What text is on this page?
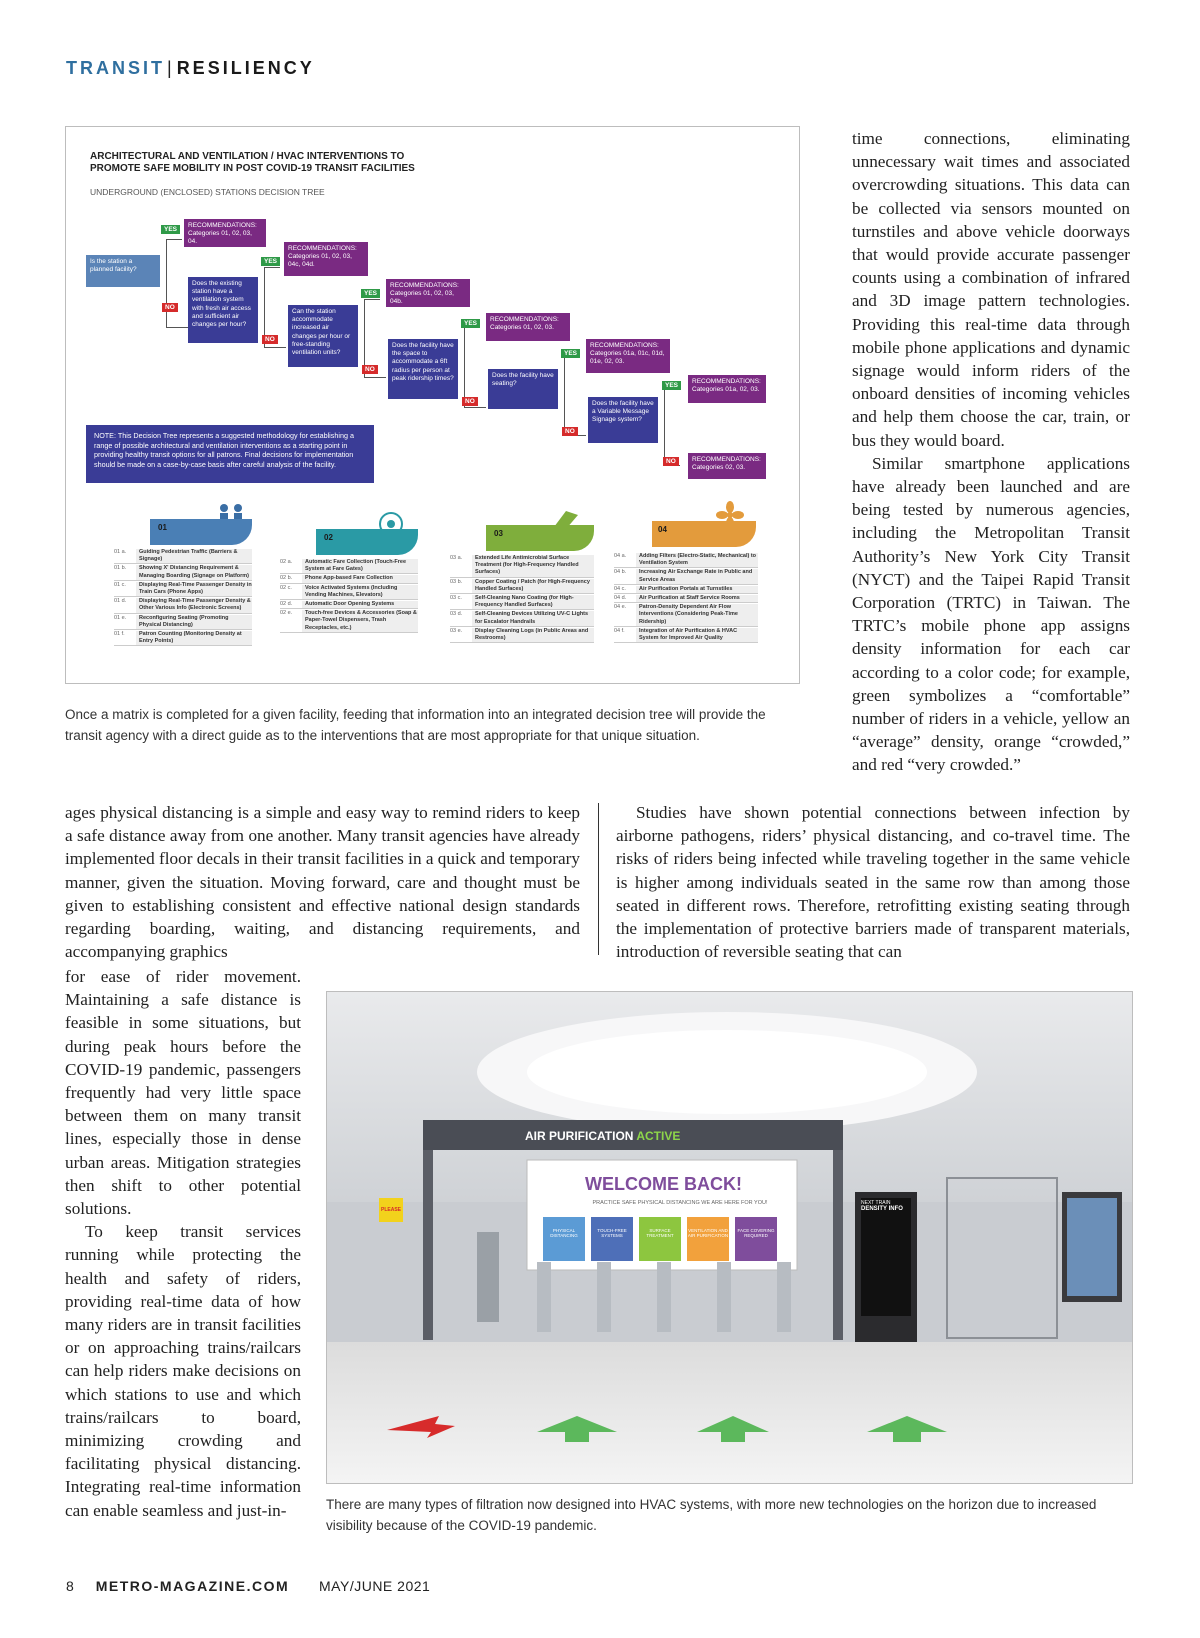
TRANSIT | RESILIENCY
ARCHITECTURAL AND VENTILATION / HVAC INTERVENTIONS TO
PROMOTE SAFE MOBILITY IN POST COVID-19 TRANSIT FACILITIES
UNDERGROUND (ENCLOSED) STATIONS DECISION TREE
Is the station a planned facility?
Does the existing station have a ventilation system with fresh air access and sufficient air changes per hour?
Can the station accommodate increased air changes per hour or free-standing ventilation units?
Does the facility have the space to accommodate a 6ft radius per person at peak ridership times?	Does the facility have seating?
Does the facility have a Variable Message Signage system?
RECOMMENDATIONS: Categories 01, 02, 03, 04.
RECOMMENDATIONS: Categories 01, 02, 03, 04c, 04d.
RECOMMENDATIONS: Categories 01, 02, 03, 04b.
RECOMMENDATIONS: Categories 01, 02, 03.
RECOMMENDATIONS: Categories 01a, 01c, 01d, 01e, 02, 03.
RECOMMENDATIONS: Categories 01a, 02, 03.
RECOMMENDATIONS: Categories 02, 03.
YES
NO
YES
NO
YES
NO
YES
NO
YES
NO
YES
NO
NOTE: This Decision Tree represents a suggested methodology for establishing a range of possible architectural and ventilation interventions as a starting point in providing healthy transit options for all patrons. Final decisions for implementation should be made on a case-by-case basis after careful analysis of the facility.
01
01 a.	Guiding Pedestrian Traffic (Barriers & Signage)
01 b.	Showing X' Distancing Requirement & Managing Boarding (Signage on Platform)
01 c.	Displaying Real-Time Passenger Density in Train Cars (Phone Apps)
01 d.	Displaying Real-Time Passenger Density & Other Various Info (Electronic Screens)
01 e.	Reconfiguring Seating (Promoting Physical Distancing)
01 f.	Patron Counting (Monitoring Density at Entry Points)
02
02 a.	Automatic Fare Collection (Touch-Free System at Fare Gates)
02 b.	Phone App-based Fare Collection
02 c.	Voice Activated Systems (Including Vending Machines, Elevators)
02 d.	Automatic Door Opening Systems
02 e.	Touch-free Devices & Accessories (Soap & Paper-Towel Dispensers, Trash Receptacles, etc.)
03
03 a.	Extended Life Antimicrobial Surface Treatment (for High-Frequency Handled Surfaces)
03 b.	Copper Coating / Patch (for High-Frequency Handled Surfaces)
03 c.	Self-Cleaning Nano Coating (for High-Frequency Handled Surfaces)
03 d.	Self-Cleaning Devices Utilizing UV-C Lights for Escalator Handrails
03 e.	Display Cleaning Logs (in Public Areas and Restrooms)
04
04 a.	Adding Filters (Electro-Static, Mechanical) to Ventilation System
04 b.	Increasing Air Exchange Rate in Public and Service Areas
04 c.	Air Purification Portals at Turnstiles
04 d.	Air Purification at Staff Service Rooms
04 e.	Patron-Density Dependent Air Flow Interventions (Considering Peak-Time Ridership)
04 f.	Integration of Air Purification & HVAC System for Improved Air Quality
Once a matrix is completed for a given facility, feeding that information into an integrated decision tree will provide the transit agency with a direct guide as to the interventions that are most appropriate for that unique situation.

time connections, eliminating unnecessary wait times and associated overcrowding situations. This data can be collected via sensors mounted on turnstiles and above vehicle doorways that would provide accurate passenger counts using a combination of infrared and 3D image pattern technologies. Providing this real-time data through mobile phone applications and dynamic signage would inform riders of the onboard densities of incoming vehicles and help them choose the car, train, or bus they would board.

Similar smartphone applications have already been launched and are being tested by numerous agencies, including the Metropolitan Transit Authority’s New York City Transit (NYCT) and the Taipei Rapid Transit Corporation (TRTC) in Taiwan. The TRTC’s mobile phone app assigns density information for each car according to a color code; for example, green symbolizes a “comfortable” number of riders in a vehicle, yellow an “average” density, orange “crowded,” and red “very crowded.”

ages physical distancing is a simple and easy way to remind riders to keep a safe distance away from one another. Many transit agencies have already implemented floor decals in their transit facilities in a quick and temporary manner, given the situation. Moving forward, care and thought must be given to establishing consistent and effective national design standards regarding boarding, waiting, and distancing requirements, and accompanying graphics

Studies have shown potential connections between infection by airborne pathogens, riders’ physical distancing, and co-travel time. The risks of riders being infected while traveling together in the same vehicle is higher among individuals seated in the same row than among those seated in different rows. Therefore, retrofitting existing seating through the implementation of protective barriers made of transparent materials, introduction of reversible seating that can

for ease of rider movement. Maintaining a safe distance is feasible in some situations, but during peak hours before the COVID-19 pandemic, passengers frequently had very little space between them on many transit lines, especially those in dense urban areas. Mitigation strategies then shift to other potential solutions.

To keep transit services running while protecting the health and safety of riders, providing real-time data of how many riders are in transit facilities or on approaching trains/railcars can help riders make decisions on which stations to use and which trains/railcars to board, minimizing crowding and facilitating physical distancing. Integrating real-time information can enable seamless and just-in-

AIR PURIFICATION ACTIVE
WELCOME BACK!
PRACTICE SAFE PHYSICAL DISTANCING WE ARE HERE FOR YOU!
PHYSICAL DISTANCING
TOUCH-FREE SYSTEMS
SURFACE TREATMENT
VENTILATION AND AIR PURIFICATION
FACE COVERING REQUIRED
PLEASE
NEXT TRAIN
DENSITY INFO
There are many types of filtration now designed into HVAC systems, with more new technologies on the horizon due to increased visibility because of the COVID-19 pandemic.
8 METRO-MAGAZINE.COM MAY/JUNE 2021
